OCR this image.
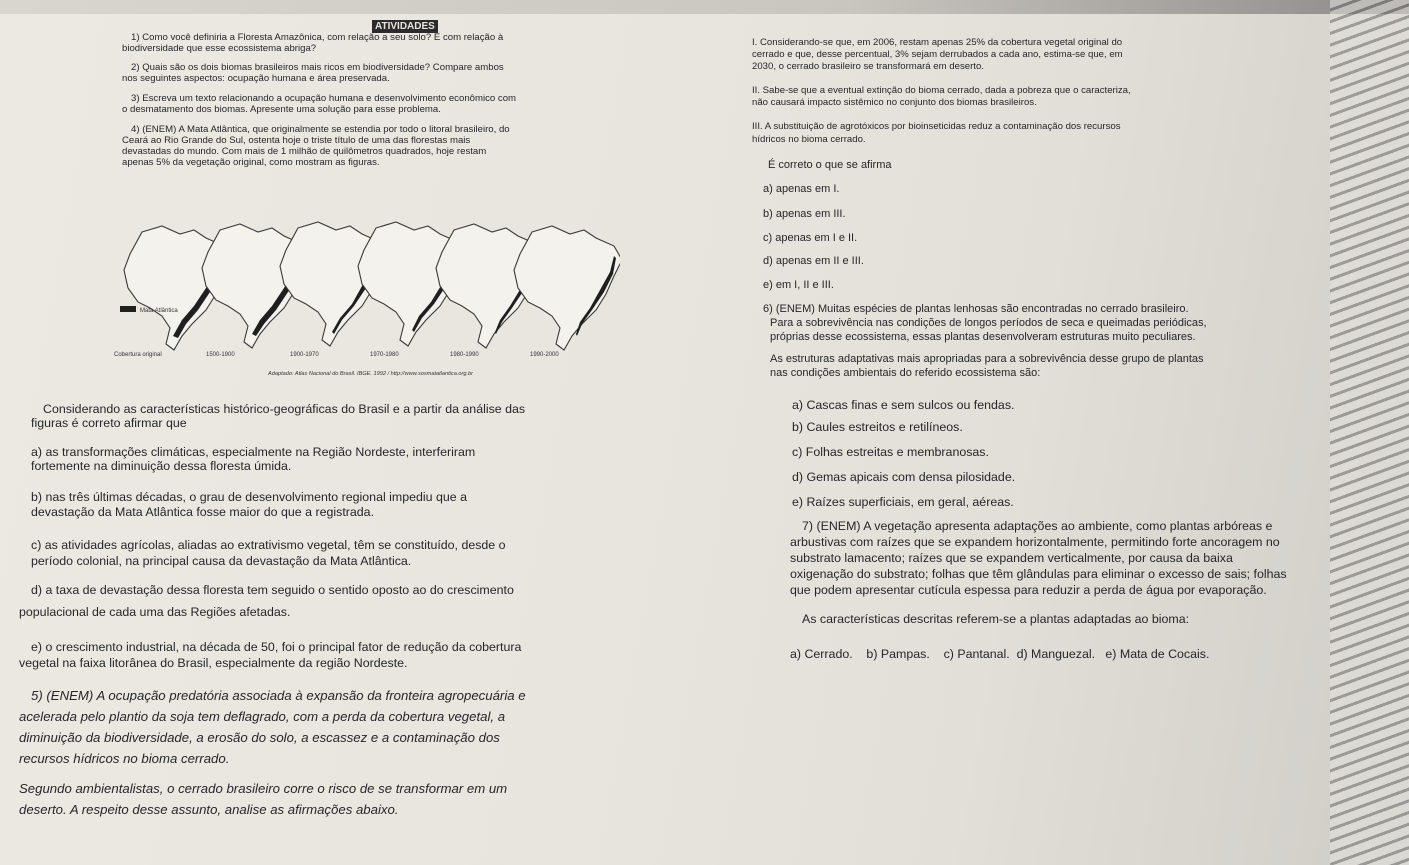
ATIVIDADES
1) Como você definiria a Floresta Amazônica, com relação a seu solo? E com relação à
biodiversidade que esse ecossistema abriga?
2) Quais são os dois biomas brasileiros mais ricos em biodiversidade? Compare ambos
nos seguintes aspectos: ocupação humana e área preservada.
3) Escreva um texto relacionando a ocupação humana e desenvolvimento econômico com
o desmatamento dos biomas. Apresente uma solução para esse problema.
4) (ENEM) A Mata Atlântica, que originalmente se estendia por todo o litoral brasileiro, do
Ceará ao Rio Grande do Sul, ostenta hoje o triste título de uma das florestas mais
devastadas do mundo. Com mais de 1 milhão de quilômetros quadrados, hoje restam
apenas 5% da vegetação original, como mostram as figuras.
Mata Atlântica
Cobertura original	1500-1900	1900-1970	1970-1980	1980-1990	1990-2000
Adaptado: Atlas Nacional do Brasil. IBGE. 1992 / http://www.sosmatatlantica.org.br
Considerando as características histórico-geográficas do Brasil e a partir da análise das
figuras é correto afirmar que
a) as transformações climáticas, especialmente na Região Nordeste, interferiram
fortemente na diminuição dessa floresta úmida.
b) nas três últimas décadas, o grau de desenvolvimento regional impediu que a
devastação da Mata Atlântica fosse maior do que a registrada.
c) as atividades agrícolas, aliadas ao extrativismo vegetal, têm se constituído, desde o
período colonial, na principal causa da devastação da Mata Atlântica.
d) a taxa de devastação dessa floresta tem seguido o sentido oposto ao do crescimento
populacional de cada uma das Regiões afetadas.
e) o crescimento industrial, na década de 50, foi o principal fator de redução da cobertura
vegetal na faixa litorânea do Brasil, especialmente da região Nordeste.
5) (ENEM) A ocupação predatória associada à expansão da fronteira agropecuária e
acelerada pelo plantio da soja tem deflagrado, com a perda da cobertura vegetal, a
diminuição da biodiversidade, a erosão do solo, a escassez e a contaminação dos
recursos hídricos no bioma cerrado.
Segundo ambientalistas, o cerrado brasileiro corre o risco de se transformar em um
deserto. A respeito desse assunto, analise as afirmações abaixo.
I. Considerando-se que, em 2006, restam apenas 25% da cobertura vegetal original do
cerrado e que, desse percentual, 3% sejam derrubados a cada ano, estima-se que, em
2030, o cerrado brasileiro se transformará em deserto.
II. Sabe-se que a eventual extinção do bioma cerrado, dada a pobreza que o caracteriza,
não causará impacto sistêmico no conjunto dos biomas brasileiros.
III. A substituição de agrotóxicos por bioinseticidas reduz a contaminação dos recursos
hídricos no bioma cerrado.
É correto o que se afirma
a) apenas em I.
b) apenas em III.
c) apenas em I e II.
d) apenas em II e III.
e) em I, II e III.
6) (ENEM) Muitas espécies de plantas lenhosas são encontradas no cerrado brasileiro.
Para a sobrevivência nas condições de longos períodos de seca e queimadas periódicas,
próprias desse ecossistema, essas plantas desenvolveram estruturas muito peculiares.
As estruturas adaptativas mais apropriadas para a sobrevivência desse grupo de plantas
nas condições ambientais do referido ecossistema são:
a) Cascas finas e sem sulcos ou fendas.
b) Caules estreitos e retilíneos.
c) Folhas estreitas e membranosas.
d) Gemas apicais com densa pilosidade.
e) Raízes superficiais, em geral, aéreas.
7) (ENEM) A vegetação apresenta adaptações ao ambiente, como plantas arbóreas e
arbustivas com raízes que se expandem horizontalmente, permitindo forte ancoragem no
substrato lamacento; raízes que se expandem verticalmente, por causa da baixa
oxigenação do substrato; folhas que têm glândulas para eliminar o excesso de sais; folhas
que podem apresentar cutícula espessa para reduzir a perda de água por evaporação.
As características descritas referem-se a plantas adaptadas ao bioma:
a) Cerrado.    b) Pampas.    c) Pantanal.  d) Manguezal.   e) Mata de Cocais.
